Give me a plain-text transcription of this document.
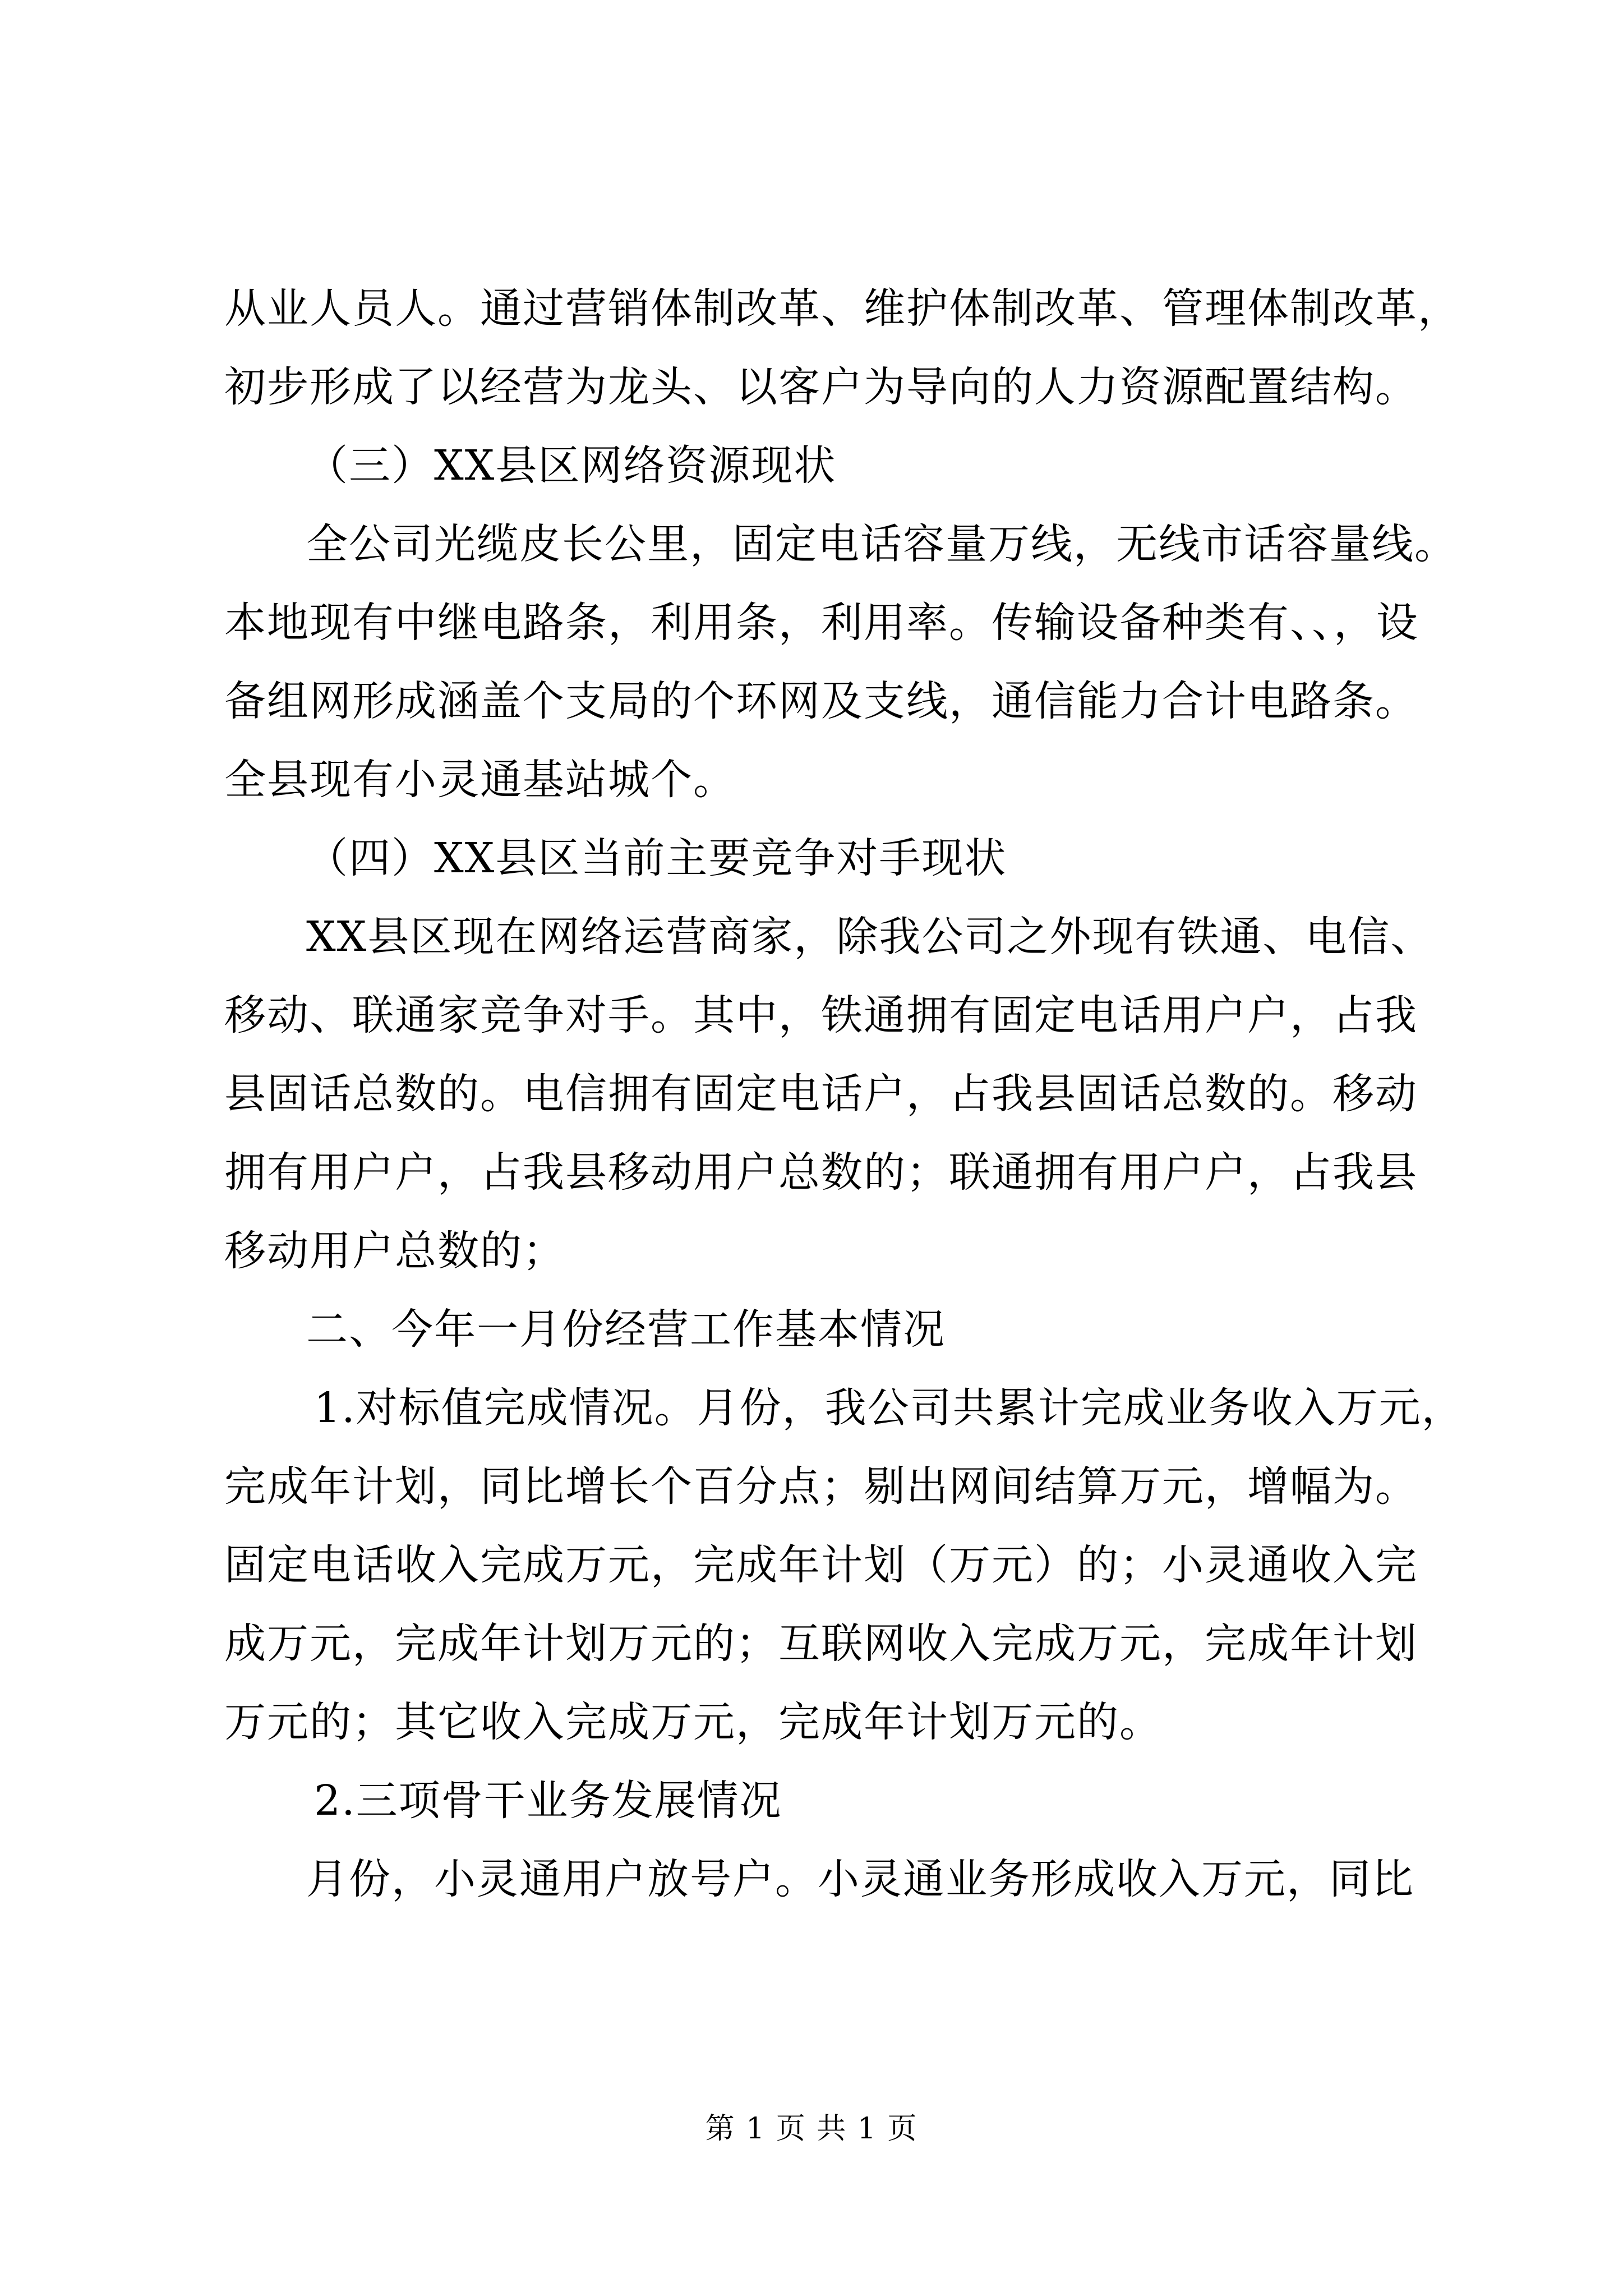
从业人员人。通过营销体制改革、维护体制改革、管理体制改革，
初步形成了以经营为龙头、以客户为导向的人力资源配置结构。
（三）XX县区网络资源现状
全公司光缆皮长公里，固定电话容量万线，无线市话容量线。
本地现有中继电路条，利用条，利用率。传输设备种类有、、，设
备组网形成涵盖个支局的个环网及支线，通信能力合计电路条。
全县现有小灵通基站城个。
（四）XX县区当前主要竞争对手现状
XX县区现在网络运营商家，除我公司之外现有铁通、电信、
移动、联通家竞争对手。其中，铁通拥有固定电话用户户，占我
县固话总数的。电信拥有固定电话户，占我县固话总数的。移动
拥有用户户，占我县移动用户总数的；联通拥有用户户，占我县
移动用户总数的；
二、今年一月份经营工作基本情况
1.对标值完成情况。月份，我公司共累计完成业务收入万元，
完成年计划，同比增长个百分点；剔出网间结算万元，增幅为。
固定电话收入完成万元，完成年计划（万元）的；小灵通收入完
成万元，完成年计划万元的；互联网收入完成万元，完成年计划
万元的；其它收入完成万元，完成年计划万元的。
2.三项骨干业务发展情况
月份，小灵通用户放号户。小灵通业务形成收入万元，同比
第 1 页 共 1 页
